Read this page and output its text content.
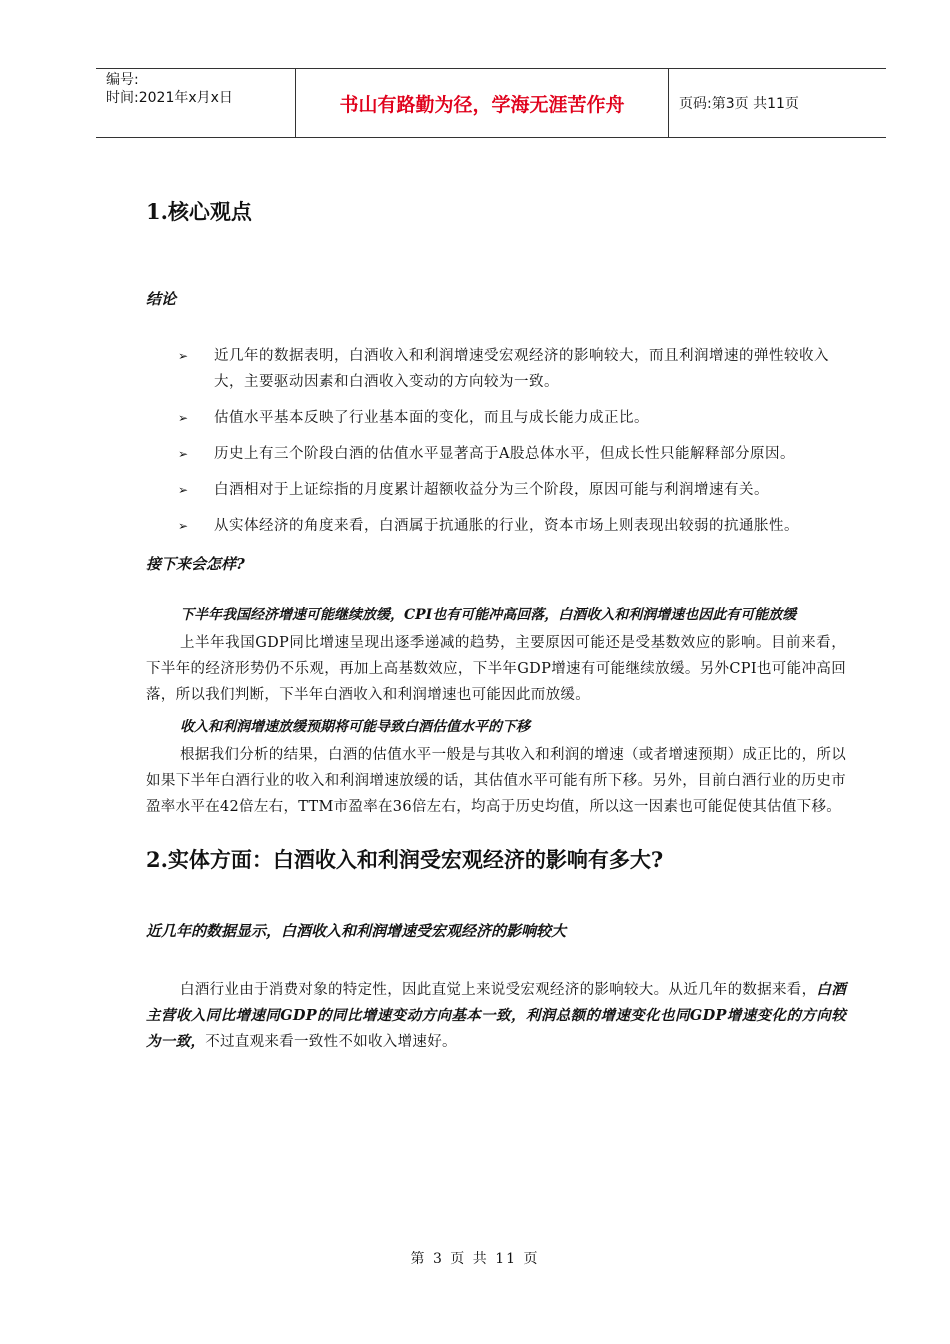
编号:
时间:2021年x月x日	书山有路勤为径，学海无涯苦作舟	页码:第3页 共11页
1.核心观点

结论

➢ 近几年的数据表明，白酒收入和利润增速受宏观经济的影响较大，而且利润增速的弹性较收入大，主要驱动因素和白酒收入变动的方向较为一致。
➢ 估值水平基本反映了行业基本面的变化，而且与成长能力成正比。
➢ 历史上有三个阶段白酒的估值水平显著高于A股总体水平，但成长性只能解释部分原因。
➢ 白酒相对于上证综指的月度累计超额收益分为三个阶段，原因可能与利润增速有关。
➢ 从实体经济的角度来看，白酒属于抗通胀的行业，资本市场上则表现出较弱的抗通胀性。

接下来会怎样?

下半年我国经济增速可能继续放缓，CPI也有可能冲高回落，白酒收入和利润增速也因此有可能放缓

上半年我国GDP同比增速呈现出逐季递减的趋势，主要原因可能还是受基数效应的影响。目前来看，下半年的经济形势仍不乐观，再加上高基数效应，下半年GDP增速有可能继续放缓。另外CPI也可能冲高回落，所以我们判断，下半年白酒收入和利润增速也可能因此而放缓。

收入和利润增速放缓预期将可能导致白酒估值水平的下移

根据我们分析的结果，白酒的估值水平一般是与其收入和利润的增速（或者增速预期）成正比的，所以如果下半年白酒行业的收入和利润增速放缓的话，其估值水平可能有所下移。另外，目前白酒行业的历史市盈率水平在42倍左右，TTM市盈率在36倍左右，均高于历史均值，所以这一因素也可能促使其估值下移。

2.实体方面：白酒收入和利润受宏观经济的影响有多大?

近几年的数据显示，白酒收入和利润增速受宏观经济的影响较大

白酒行业由于消费对象的特定性，因此直觉上来说受宏观经济的影响较大。从近几年的数据来看，白酒主营收入同比增速同GDP的同比增速变动方向基本一致，利润总额的增速变化也同GDP增速变化的方向较为一致，不过直观来看一致性不如收入增速好。

第 3 页 共 11 页
